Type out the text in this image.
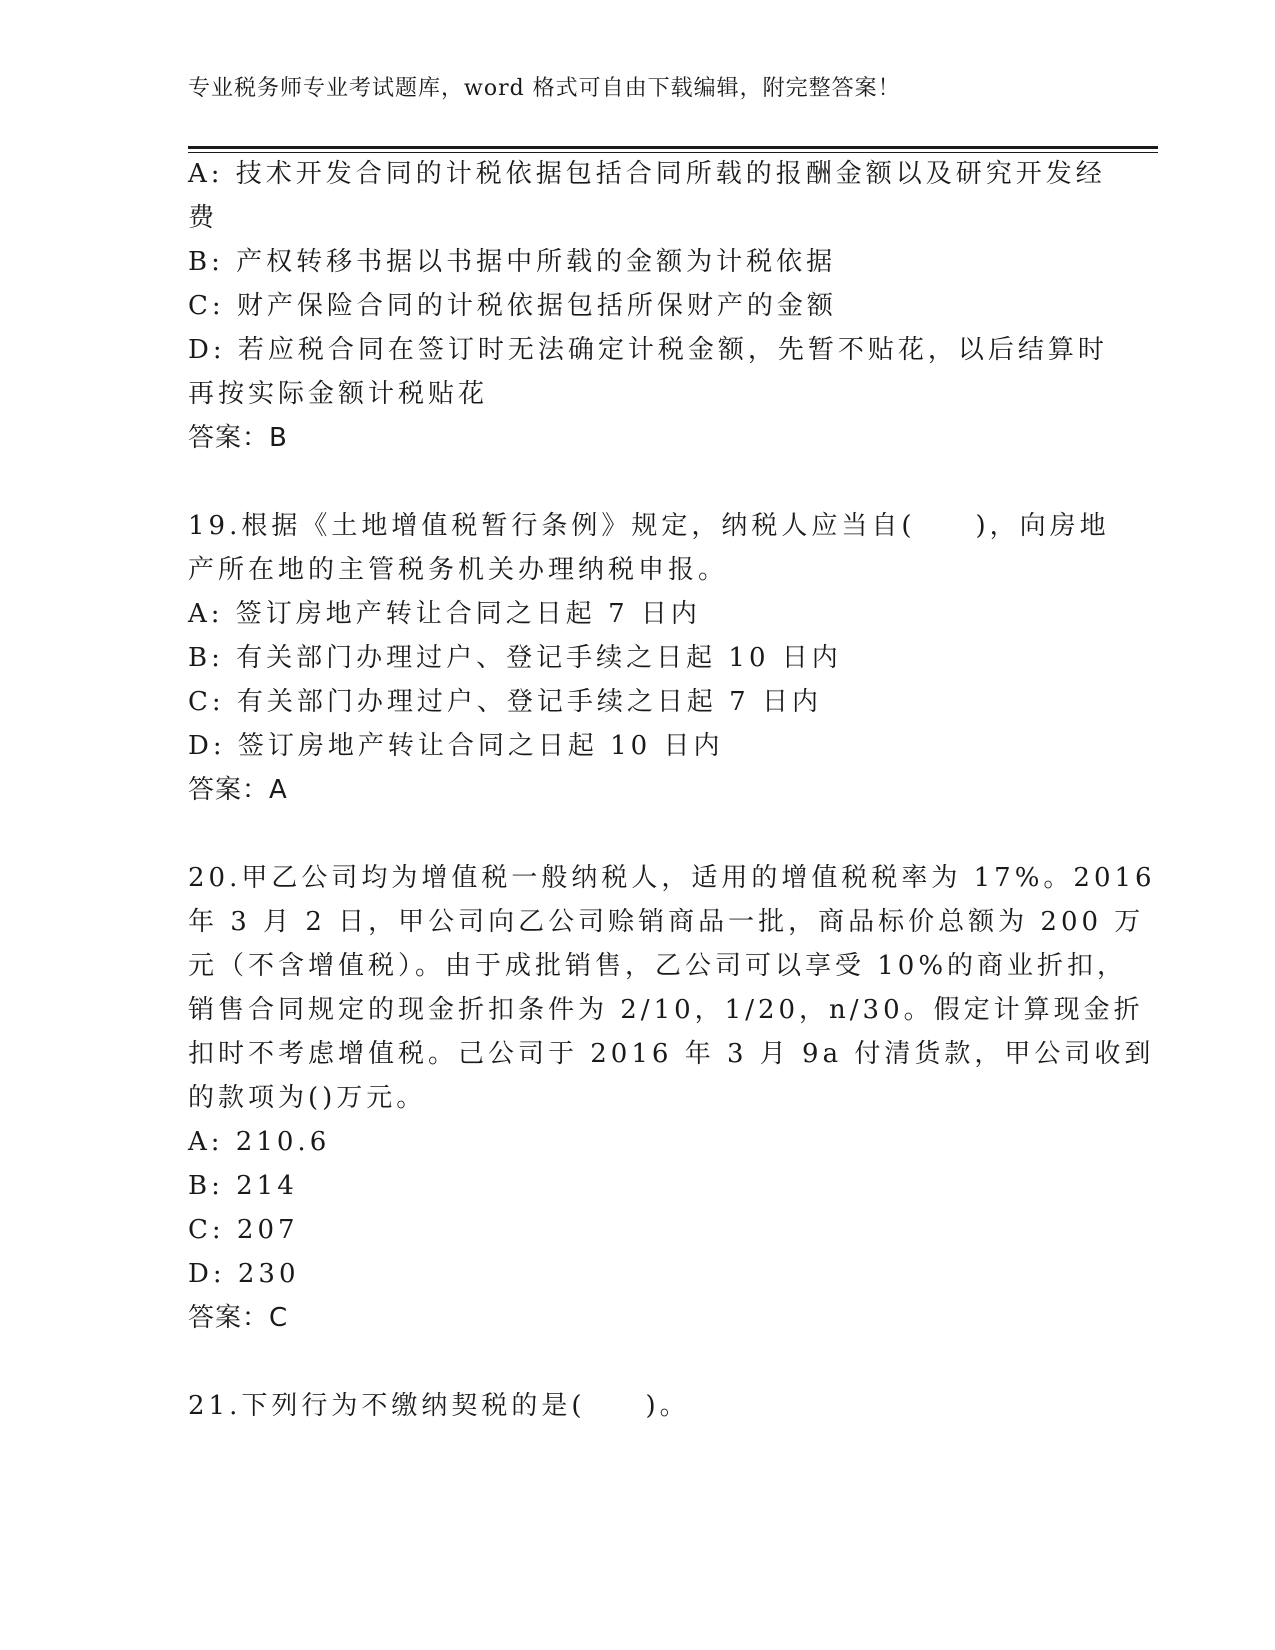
专业税务师专业考试题库，word 格式可自由下载编辑，附完整答案！
A: 技术开发合同的计税依据包括合同所载的报酬金额以及研究开发经
费
B: 产权转移书据以书据中所载的金额为计税依据
C: 财产保险合同的计税依据包括所保财产的金额
D: 若应税合同在签订时无法确定计税金额，先暂不贴花，以后结算时
再按实际金额计税贴花
答案：B
19.根据《土地增值税暂行条例》规定，纳税人应当自(　　)，向房地
产所在地的主管税务机关办理纳税申报。
A: 签订房地产转让合同之日起 7 日内
B: 有关部门办理过户、登记手续之日起 10 日内
C: 有关部门办理过户、登记手续之日起 7 日内
D: 签订房地产转让合同之日起 10 日内
答案：A
20.甲乙公司均为增值税一般纳税人，适用的增值税税率为 17%。2016
年 3 月 2 日，甲公司向乙公司赊销商品一批，商品标价总额为 200 万
元（不含增值税）。由于成批销售，乙公司可以享受 10%的商业折扣，
销售合同规定的现金折扣条件为 2/10，1/20，n/30。假定计算现金折
扣时不考虑增值税。己公司于 2016 年 3 月 9a 付清货款，甲公司收到
的款项为()万元。
A: 210.6
B: 214
C: 207
D: 230
答案：C
21.下列行为不缴纳契税的是(　　)。
